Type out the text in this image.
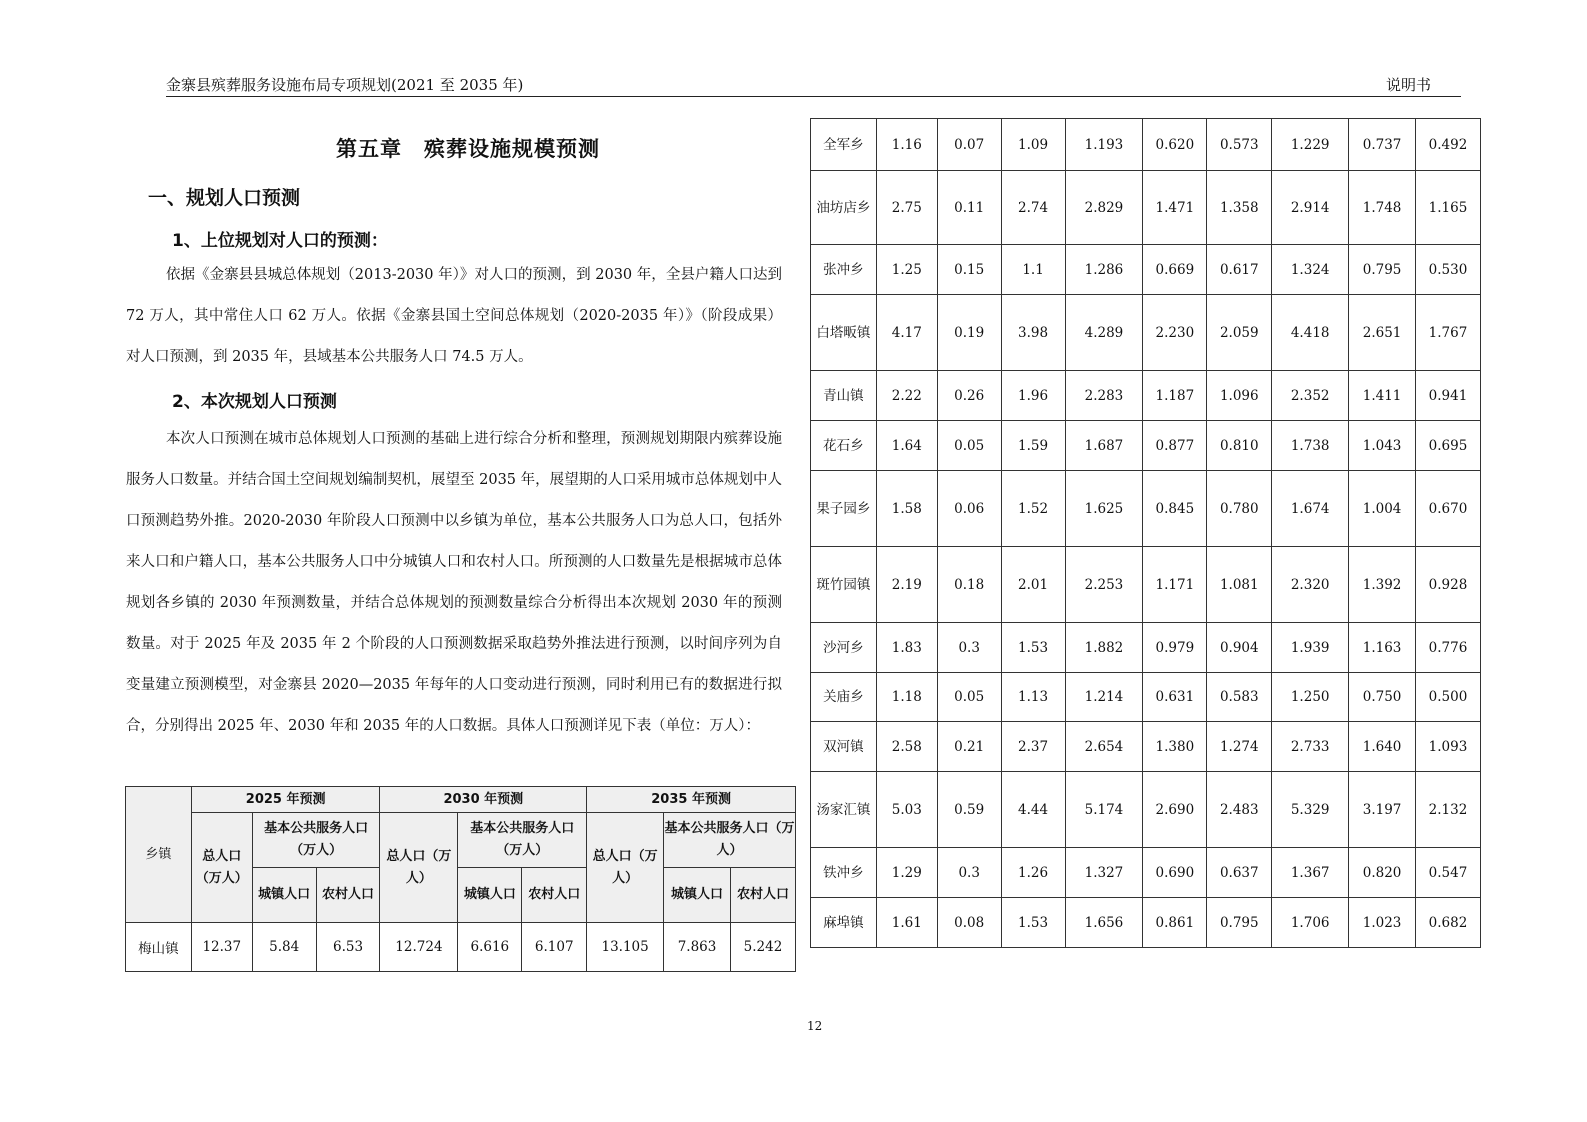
金寨县殡葬服务设施布局专项规划(2021 至 2035 年)	说明书
第五章　殡葬设施规模预测
一、规划人口预测
1、上位规划对人口的预测：

依据《金寨县县城总体规划（2013-2030 年）》对人口的预测，到 2030 年，全县户籍人口达到 72 万人，其中常住人口 62 万人。依据《金寨县国土空间总体规划（2020-2035 年）》（阶段成果）对人口预测，到 2035 年，县域基本公共服务人口 74.5 万人。

2、本次规划人口预测

本次人口预测在城市总体规划人口预测的基础上进行综合分析和整理，预测规划期限内殡葬设施服务人口数量。并结合国土空间规划编制契机，展望至 2035 年，展望期的人口采用城市总体规划中人口预测趋势外推。2020-2030 年阶段人口预测中以乡镇为单位，基本公共服务人口为总人口，包括外来人口和户籍人口，基本公共服务人口中分城镇人口和农村人口。所预测的人口数量先是根据城市总体规划各乡镇的 2030 年预测数量，并结合总体规划的预测数量综合分析得出本次规划 2030 年的预测数量。对于 2025 年及 2035 年 2 个阶段的人口预测数据采取趋势外推法进行预测，以时间序列为自变量建立预测模型，对金寨县 2020—2035 年每年的人口变动进行预测，同时利用已有的数据进行拟合，分别得出 2025 年、2030 年和 2035 年的人口数据。具体人口预测详见下表（单位：万人）：

乡镇	2025 年预测			2030 年预测			2035 年预测		
	总人口（万人）	基本公共服务人口（万人）		总人口（万人）	基本公共服务人口（万人）		总人口（万人）	基本公共服务人口（万人）	
		城镇人口	农村人口		城镇人口	农村人口		城镇人口	农村人口
梅山镇	12.37	5.84	6.53	12.724	6.616	6.107	13.105	7.863	5.242
全军乡	1.16	0.07	1.09	1.193	0.620	0.573	1.229	0.737	0.492
油坊店乡	2.75	0.11	2.74	2.829	1.471	1.358	2.914	1.748	1.165
张冲乡	1.25	0.15	1.1	1.286	0.669	0.617	1.324	0.795	0.530
白塔畈镇	4.17	0.19	3.98	4.289	2.230	2.059	4.418	2.651	1.767
青山镇	2.22	0.26	1.96	2.283	1.187	1.096	2.352	1.411	0.941
花石乡	1.64	0.05	1.59	1.687	0.877	0.810	1.738	1.043	0.695
果子园乡	1.58	0.06	1.52	1.625	0.845	0.780	1.674	1.004	0.670
斑竹园镇	2.19	0.18	2.01	2.253	1.171	1.081	2.320	1.392	0.928
沙河乡	1.83	0.3	1.53	1.882	0.979	0.904	1.939	1.163	0.776
关庙乡	1.18	0.05	1.13	1.214	0.631	0.583	1.250	0.750	0.500
双河镇	2.58	0.21	2.37	2.654	1.380	1.274	2.733	1.640	1.093
汤家汇镇	5.03	0.59	4.44	5.174	2.690	2.483	5.329	3.197	2.132
铁冲乡	1.29	0.3	1.26	1.327	0.690	0.637	1.367	0.820	0.547
麻埠镇	1.61	0.08	1.53	1.656	0.861	0.795	1.706	1.023	0.682
12
